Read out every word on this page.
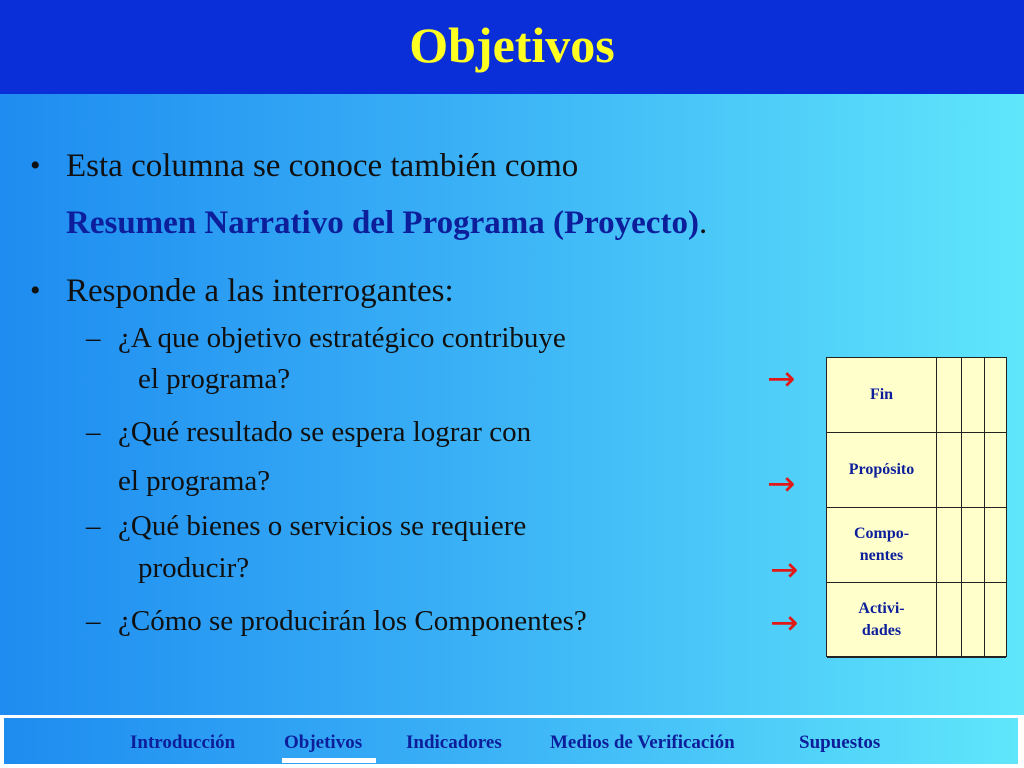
Objetivos
• Esta columna se conoce también como
Resumen Narrativo del Programa (Proyecto).
• Responde a las interrogantes:
– ¿A que objetivo estratégico contribuye
el programa?
– ¿Qué resultado se espera lograr con
el programa?
– ¿Qué bienes o servicios se requiere
producir?
– ¿Cómo se producirán los Componentes?
→
→
→
→
Fin
Propósito
Compo-
nentes
Activi-
dades
Introducción	Objetivos Indicadores	Medios de Verificación	Supuestos
